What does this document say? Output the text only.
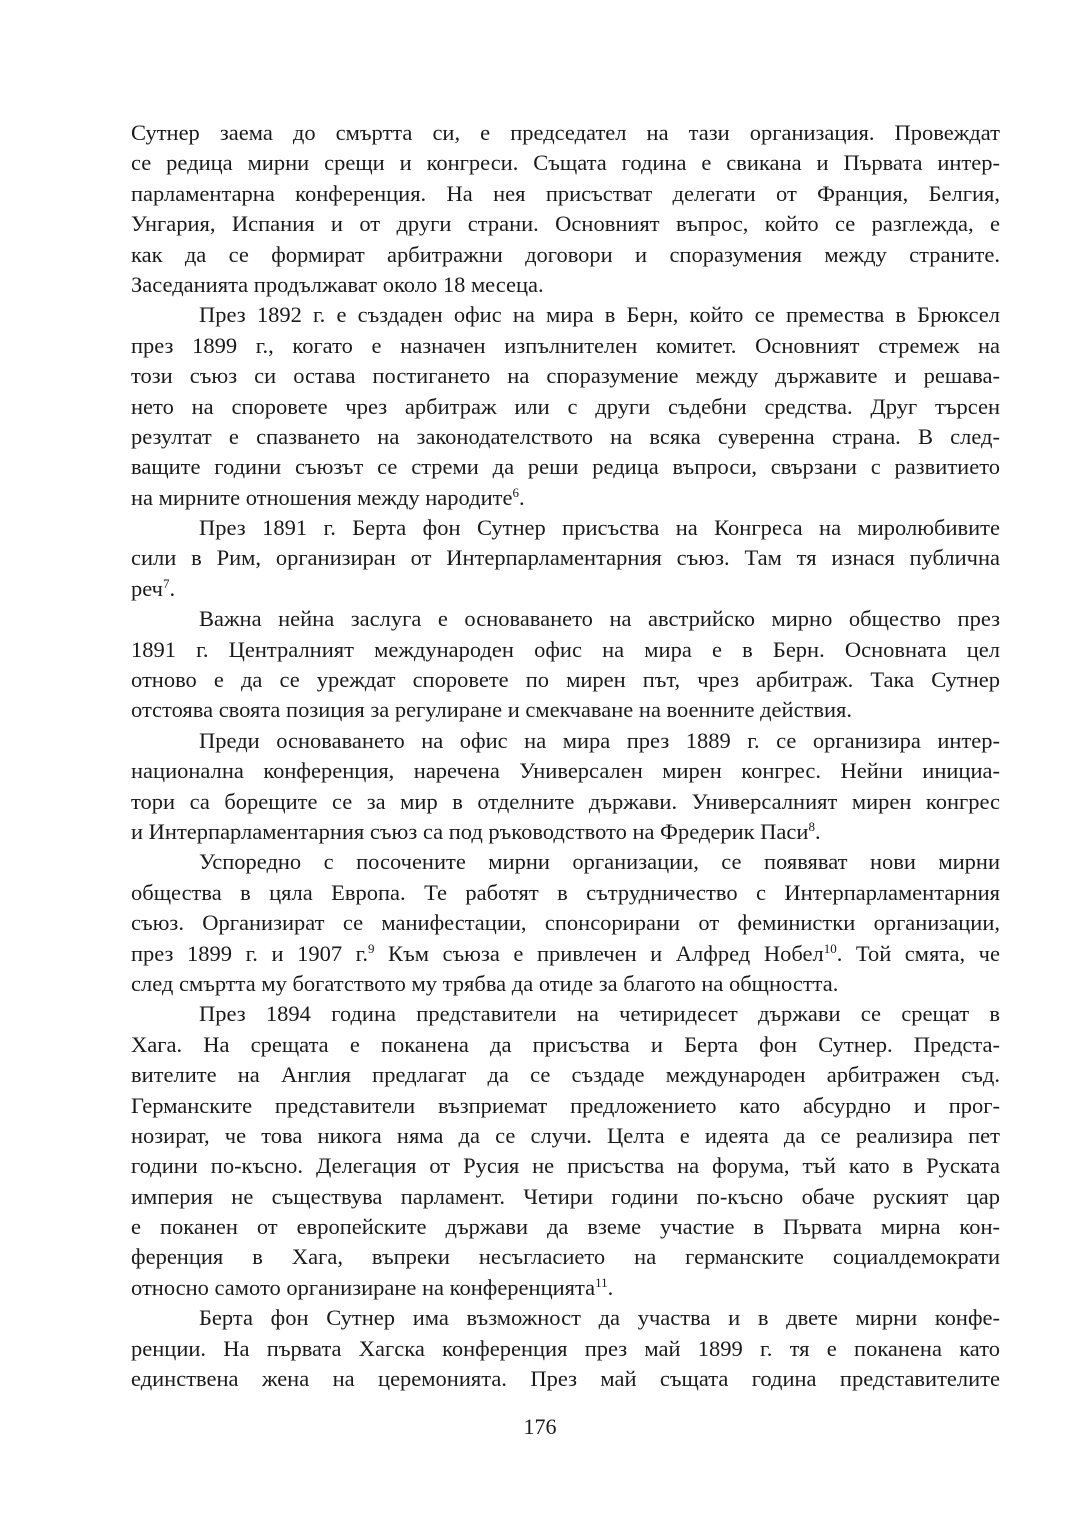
Сутнер заема до смъртта си, е председател на тази организация. Провеждат
се редица мирни срещи и конгреси. Същата година е свикана и Първата интер-
парламентарна конференция. На нея присъстват делегати от Франция, Белгия,
Унгария, Испания и от други страни. Основният въпрос, който се разглежда, е
как да се формират арбитражни договори и споразумения между страните.
Заседанията продължават около 18 месеца.
През 1892 г. е създаден офис на мира в Берн, който се премества в Брюксел
през 1899 г., когато е назначен изпълнителен комитет. Основният стремеж на
този съюз си остава постигането на споразумение между държавите и решава-
нето на споровете чрез арбитраж или с други съдебни средства. Друг търсен
резултат е спазването на законодателството на всяка суверенна страна. В след-
ващите години съюзът се стреми да реши редица въпроси, свързани с развитието
на мирните отношения между народите$^6$.
През 1891 г. Берта фон Сутнер присъства на Конгреса на миролюбивите
сили в Рим, организиран от Интерпарламентарния съюз. Там тя изнася публична
реч$^7$.
Важна нейна заслуга е основаването на австрийско мирно общество през
1891 г. Централният международен офис на мира е в Берн. Основната цел
отново е да се уреждат споровете по мирен път, чрез арбитраж. Така Сутнер
отстоява своята позиция за регулиране и смекчаване на военните действия.
Преди основаването на офис на мира през 1889 г. се организира интер-
национална конференция, наречена Универсален мирен конгрес. Нейни инициа-
тори са борещите се за мир в отделните държави. Универсалният мирен конгрес
и Интерпарламентарния съюз са под ръководството на Фредерик Паси$^8$.
Успоредно с посочените мирни организации, се появяват нови мирни
общества в цяла Европа. Те работят в сътрудничество с Интерпарламентарния
съюз. Организират се манифестации, спонсорирани от феминистки организации,
през 1899 г. и 1907 г.$^9$ Към съюза е привлечен и Алфред Нобел$^{10}$. Той смята, че
след смъртта му богатството му трябва да отиде за благото на общността.
През 1894 година представители на четиридесет държави се срещат в
Хага. На срещата е поканена да присъства и Берта фон Сутнер. Предста-
вителите на Англия предлагат да се създаде международен арбитражен съд.
Германските представители възприемат предложението като абсурдно и прог-
нозират, че това никога няма да се случи. Целта е идеята да се реализира пет
години по-късно. Делегация от Русия не присъства на форума, тъй като в Руската
империя не съществува парламент. Четири години по-късно обаче руският цар
е поканен от европейските държави да вземе участие в Първата мирна кон-
ференция в Хага, въпреки несъгласието на германските социалдемократи
относно самото организиране на конференцията$^{11}$.
Берта фон Сутнер има възможност да участва и в двете мирни конфе-
ренции. На първата Хагска конференция през май 1899 г. тя е поканена като
единствена жена на церемонията. През май същата година представителите
176
